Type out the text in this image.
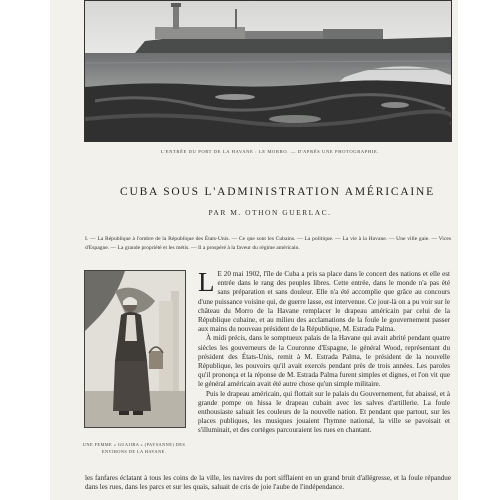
L'ENTRÉE DU PORT DE LA HAVANE : LE MORRO. — D'APRÈS UNE PHOTOGRAPHIE.
CUBA SOUS L'ADMINISTRATION AMÉRICAINE
PAR M. OTHON GUERLAC.
I. — La République à l'ombre de la République des États-Unis. — Ce que sont les Cubains. — La politique. — La vie à la Havane. — Une ville gaie. — Vices d'Espagne. — La grande propriété et les métis. — Il a prospéré à la faveur du régime américain.
UNE FEMME « GUAJIRA » (PAYSANNE) DES ENVIRONS DE LA HAVANE.

L E 20 mai 1902, l'île de Cuba a pris sa place dans le concert des nations et elle est entrée dans le rang des peuples libres. Cette entrée, dans le monde n'a pas été sans préparation et sans douleur. Elle n'a été accomplie que grâce au concours d'une puissance voisine qui, de guerre lasse, est intervenue. Ce jour-là on a pu voir sur le château du Morro de la Havane remplacer le drapeau américain par celui de la République cubaine, et au milieu des acclamations de la foule le gouvernement passer aux mains du nouveau président de la République, M. Estrada Palma.

À midi précis, dans le somptueux palais de la Havane qui avait abrité pendant quatre siècles les gouverneurs de la Couronne d'Espagne, le général Wood, représentant du président des États-Unis, remit à M. Estrada Palma, le président de la nouvelle République, les pouvoirs qu'il avait exercés pendant près de trois années. Les paroles qu'il prononça et la réponse de M. Estrada Palma furent simples et dignes, et l'on vit que le général américain avait été autre chose qu'un simple militaire.

Puis le drapeau américain, qui flottait sur le palais du Gouvernement, fut abaissé, et à grande pompe on hissa le drapeau cubain avec les salves d'artillerie. La foule enthousiaste saluait les couleurs de la nouvelle nation. Et pendant que partout, sur les places publiques, les musiques jouaient l'hymne national, la ville se pavoisait et s'illuminait, et des cortèges parcouraient les rues en chantant.

les fanfares éclatant à tous les coins de la ville, les navires du port sifflaient en un grand bruit d'allégresse, et la foule répandue dans les rues, dans les parcs et sur les quais, saluait de cris de joie l'aube de l'indépendance.
